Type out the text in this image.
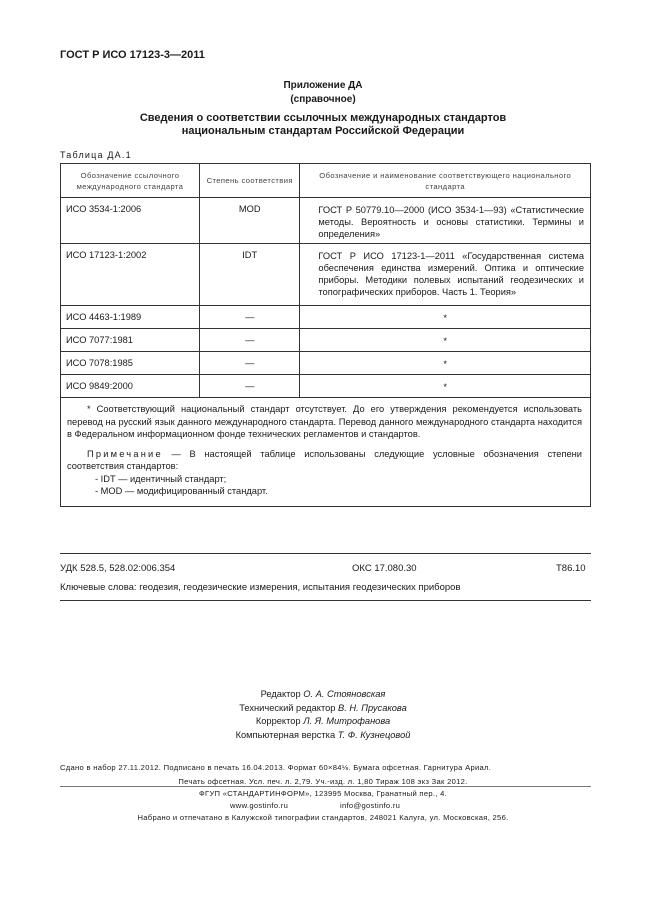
ГОСТ Р ИСО 17123-3—2011
Приложение ДА
(справочное)
Сведения о соответствии ссылочных международных стандартов
национальным стандартам Российской Федерации
Таблица ДА.1
Обозначение ссылочного международного стандарта	Степень соответствия	Обозначение и наименование соответствующего национального стандарта

ИСО 3534-1:2006	MOD	ГОСТ Р 50779.10—2000 (ИСО 3534-1—93) «Статистические методы. Вероятность и основы статистики. Термины и определения»

ИСО 17123-1:2002	IDT	ГОСТ Р ИСО 17123-1—2011 «Государственная система обеспечения единства измерений. Оптика и оптические приборы. Методики полевых испытаний геодезических и топографических приборов. Часть 1. Теория»

ИСО 4463-1:1989	—	*

ИСО 7077:1981	—	*

ИСО 7078:1985	—	*

ИСО 9849:2000	—	*

* Соответствующий национальный стандарт отсутствует. До его утверждения рекомендуется использовать перевод на русский язык данного международного стандарта. Перевод данного международного стандарта находится в Федеральном информационном фонде технических регламентов и стандартов.
Примечание — В настоящей таблице использованы следующие условные обозначения степени соответствия стандартов:
- IDT — идентичный стандарт;
- MOD — модифицированный стандарт.		
УДК 528.5, 528.02:006.354	ОКС 17.080.30	Т86.10
Ключевые слова: геодезия, геодезические измерения, испытания геодезических приборов
Редактор О. А. Стояновская
Технический редактор В. Н. Прусакова
Корректор Л. Я. Митрофанова
Компьютерная верстка Т. Ф. Кузнецовой
Сдано в набор 27.11.2012. Подписано в печать 16.04.2013. Формат 60×84⅛. Бумага офсетная. Гарнитура Ариал.
Печать офсетная. Усл. печ. л. 2,79. Уч.-изд. л. 1,80 Тираж 108 экз Зак 2012.
ФГУП «СТАНДАРТИНФОРМ», 123995 Москва, Гранатный пер., 4.
www.gostinfo.ru	info@gostinfo.ru
Набрано и отпечатано в Калужской типографии стандартов, 248021 Калуга, ул. Московская, 256.
